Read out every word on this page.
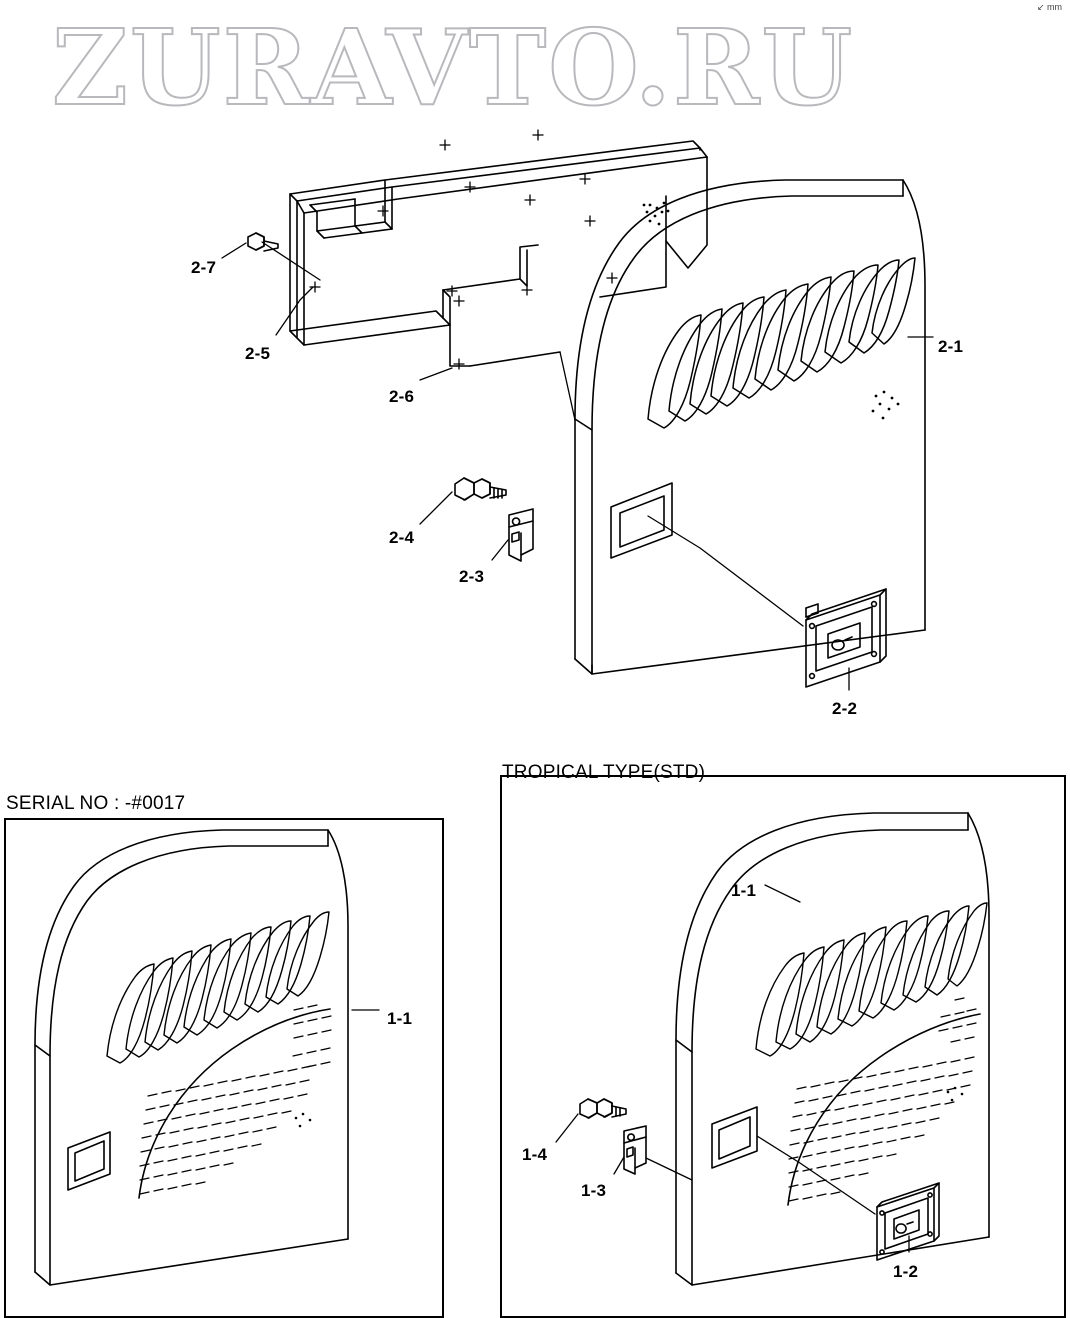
ZURAVTO.RU	↙ mm
SERIAL NO : -#0017
TROPICAL TYPE(STD)
2-7
2-5
2-6
2-1
2-4
2-3
2-2
1-1
1-1
1-4
1-3
1-2
